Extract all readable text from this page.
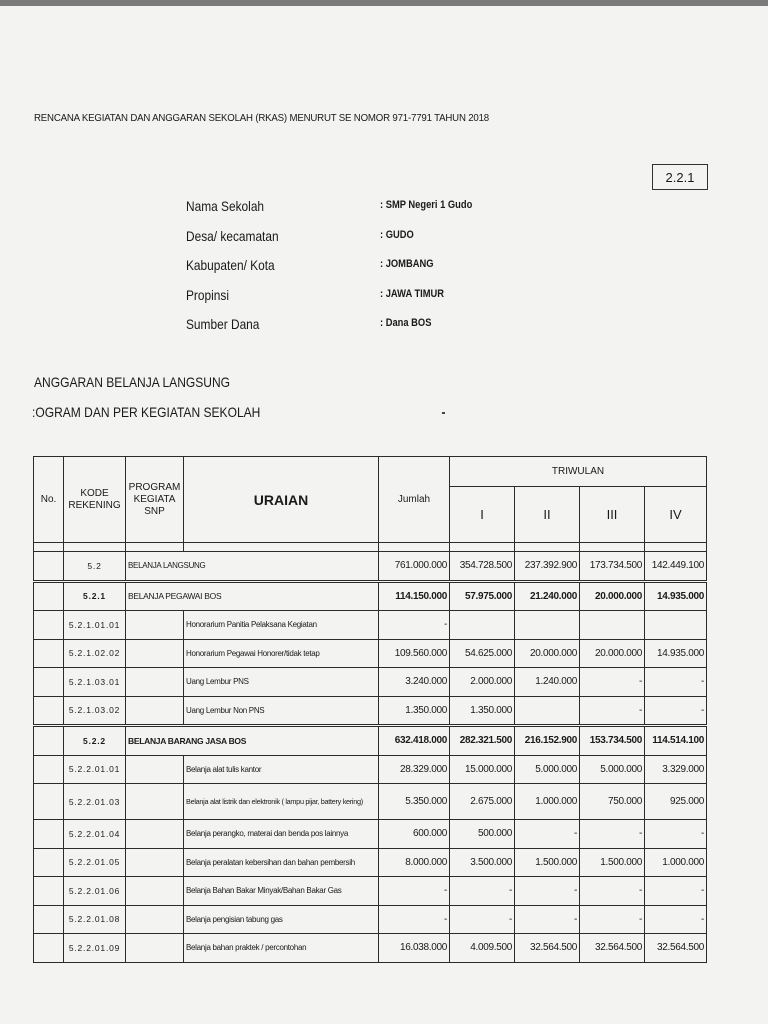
RENCANA KEGIATAN DAN ANGGARAN SEKOLAH (RKAS) MENURUT SE NOMOR 971-7791 TAHUN 2018
2.2.1
Nama Sekolah	: SMP Negeri 1 Gudo
Desa/ kecamatan	: GUDO
Kabupaten/ Kota	: JOMBANG
Propinsi	: JAWA TIMUR
Sumber Dana	: Dana BOS
ANGGARAN BELANJA LANGSUNG
:OGRAM DAN PER KEGIATAN SEKOLAH
No.	KODE REKENING	PROGRAM KEGIATA SNP	URAIAN	Jumlah	TRIWULAN			
					I	II	III	IV

	5.2	BELANJA LANGSUNG		761.000.000	354.728.500	237.392.900	173.734.500	142.449.100
	5.2.1	BELANJA PEGAWAI BOS		114.150.000	57.975.000	21.240.000	20.000.000	14.935.000
	5.2.1.01.01		Honorarium Panitia Pelaksana Kegiatan	-				
	5.2.1.02.02		Honorarium Pegawai Honorer/tidak tetap	109.560.000	54.625.000	20.000.000	20.000.000	14.935.000
	5.2.1.03.01		Uang Lembur PNS	3.240.000	2.000.000	1.240.000	-	-
	5.2.1.03.02		Uang Lembur Non PNS	1.350.000	1.350.000		-	-
	5.2.2	BELANJA BARANG JASA BOS		632.418.000	282.321.500	216.152.900	153.734.500	114.514.100
	5.2.2.01.01		Belanja alat tulis kantor	28.329.000	15.000.000	5.000.000	5.000.000	3.329.000
	5.2.2.01.03		Belanja alat listrik dan elektronik ( lampu pijar, battery kering)	5.350.000	2.675.000	1.000.000	750.000	925.000
	5.2.2.01.04		Belanja perangko, materai dan benda pos lainnya	600.000	500.000	-	-	-
	5.2.2.01.05		Belanja peralatan kebersihan dan bahan pembersih	8.000.000	3.500.000	1.500.000	1.500.000	1.000.000
	5.2.2.01.06		Belanja Bahan Bakar Minyak/Bahan Bakar Gas	-	-	-	-	-
	5.2.2.01.08		Belanja pengisian tabung gas	-	-	-	-	-
	5.2.2.01.09		Belanja bahan praktek / percontohan	16.038.000	4.009.500	32.564.500	32.564.500	32.564.500
